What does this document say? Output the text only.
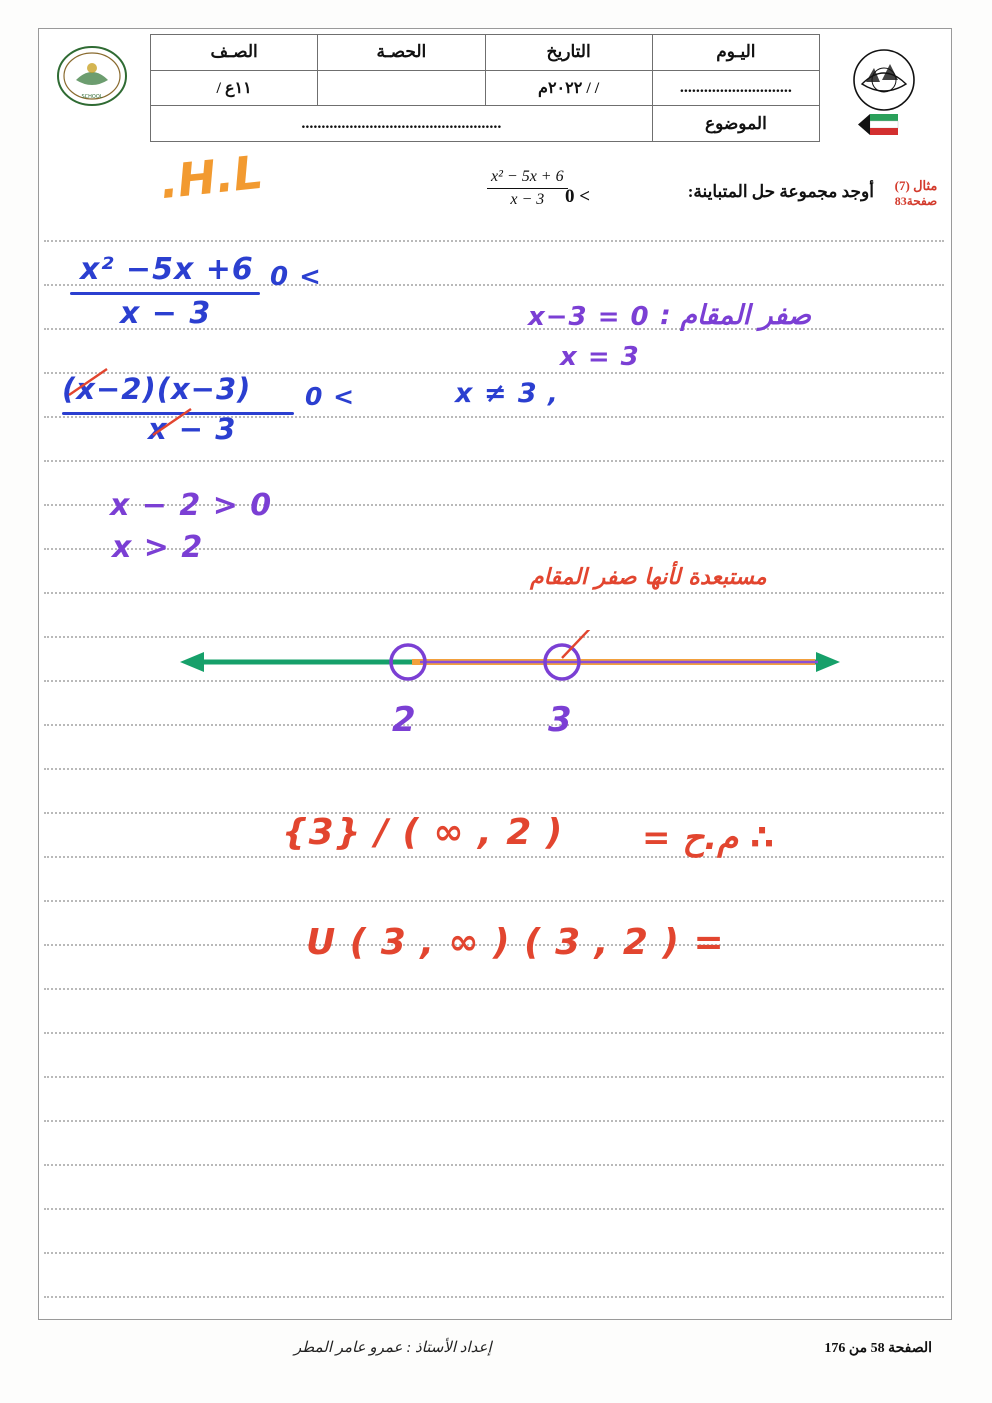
SCHOOL
اليـوم	التاريخ	الحصـة	الصـف
............................	/ / ٢٠٢٢م		١١ع /
الموضوع	..................................................		
مثال (7)
صفحة83
أوجد مجموعة حل المتباينة:
x² − 5x + 6
x − 3	> 0
H.L.
x² −5x +6
x − 3
> 0
صفر المقام :
x−3 = 0
x = 3
(x−3)(x−2)
x − 3
> 0	‚ x ≠ 3
x − 2 > 0
x > 2
مستبعدة لأنها صفر المقام
2	3
∴ م.ح =
( 2 , ∞ ) / {3}
= ( 2 , 3 ) U ( 3 , ∞ )
الصفحة 58 من 176
إعداد الأستاذ : عمرو عامر المطر
